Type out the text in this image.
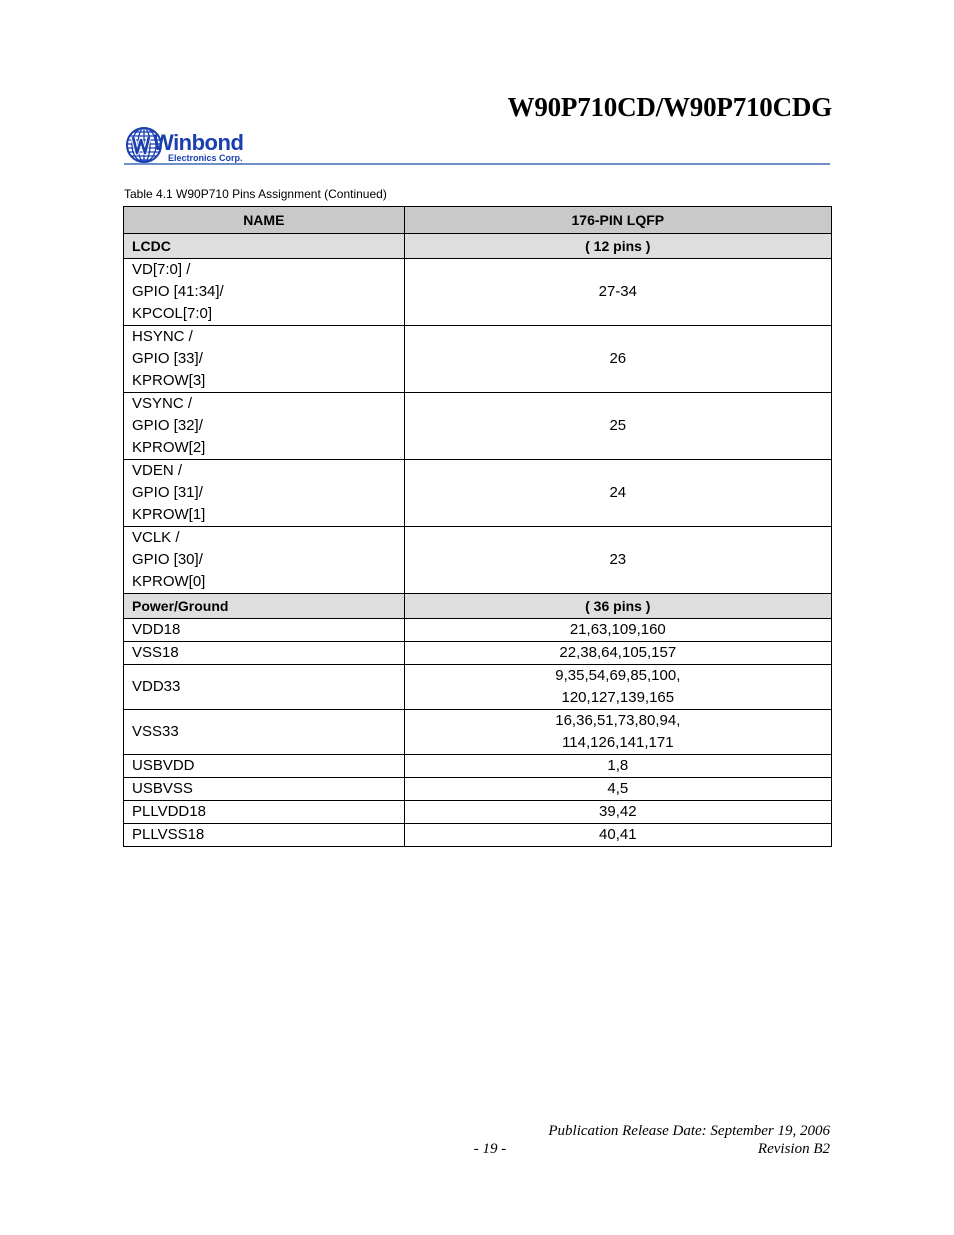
W90P710CD/W90P710CDG
Winbond
Electronics Corp.
Table 4.1 W90P710 Pins Assignment (Continued)
NAME	176-PIN LQFP
LCDC	( 12 pins )

VD[7:0] /
GPIO [41:34]/
KPCOL[7:0]	27-34

HSYNC /
GPIO [33]/
KPROW[3]	26

VSYNC /
GPIO [32]/
KPROW[2]	25

VDEN /
GPIO [31]/
KPROW[1]	24

VCLK /
GPIO [30]/
KPROW[0]	23

Power/Ground	( 36 pins )

VDD18	21,63,109,160

VSS18	22,38,64,105,157

VDD33	9,35,54,69,85,100,
120,127,139,165

VSS33	16,36,51,73,80,94,
114,126,141,171

USBVDD	1,8

USBVSS	4,5

PLLVDD18	39,42

PLLVSS18	40,41
Publication Release Date: September 19, 2006
- 19 -	Revision B2
